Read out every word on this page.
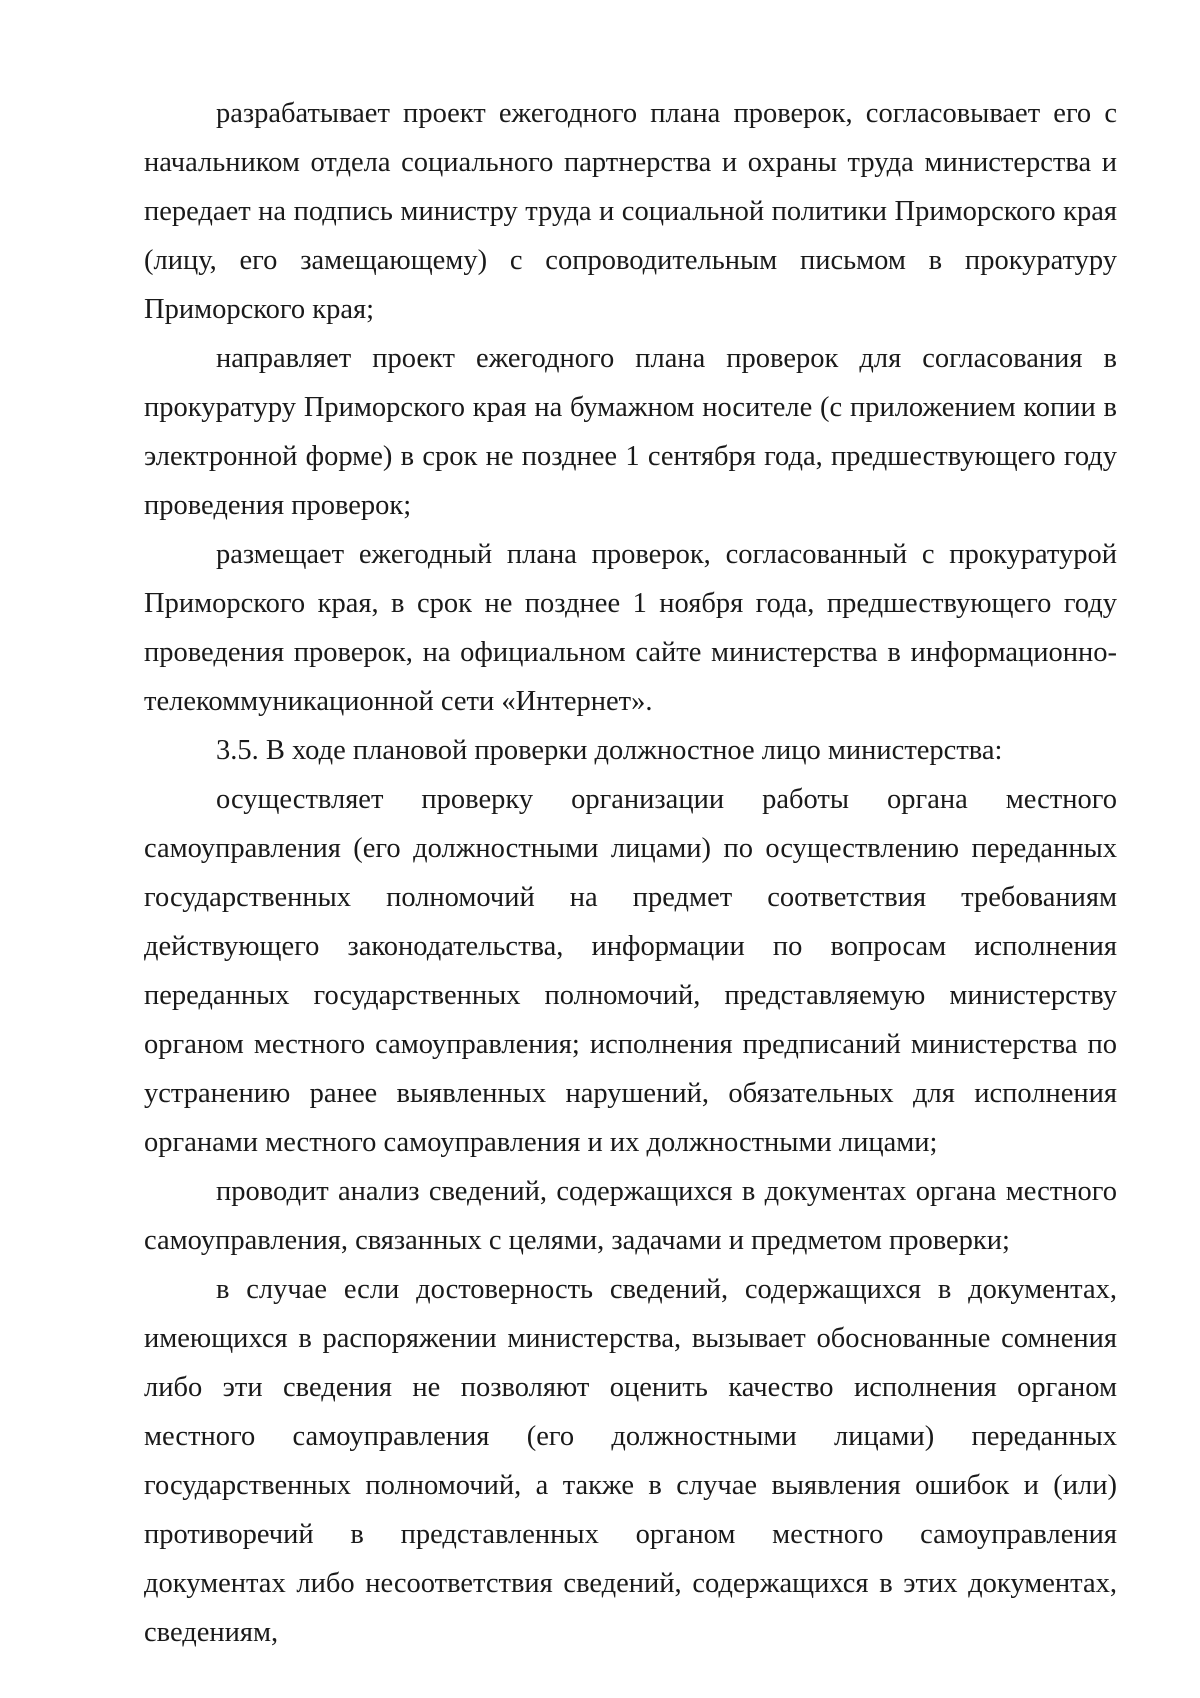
разрабатывает проект ежегодного плана проверок, согласовывает его с начальником отдела социального партнерства и охраны труда министерства и передает на подпись министру труда и социальной политики Приморского края (лицу, его замещающему) с сопроводительным письмом в прокуратуру Приморского края;

направляет проект ежегодного плана проверок для согласования в прокуратуру Приморского края на бумажном носителе (с приложением копии в электронной форме) в срок не позднее 1 сентября года, предшествующего году проведения проверок;

размещает ежегодный плана проверок, согласованный с прокуратурой Приморского края, в срок не позднее 1 ноября года, предшествующего году проведения проверок, на официальном сайте министерства в информационно-телекоммуникационной сети «Интернет».

3.5. В ходе плановой проверки должностное лицо министерства:

осуществляет проверку организации работы органа местного самоуправления (его должностными лицами) по осуществлению переданных государственных полномочий на предмет соответствия требованиям действующего законодательства, информации по вопросам исполнения переданных государственных полномочий, представляемую министерству органом местного самоуправления; исполнения предписаний министерства по устранению ранее выявленных нарушений, обязательных для исполнения органами местного самоуправления и их должностными лицами;

проводит анализ сведений, содержащихся в документах органа местного самоуправления, связанных с целями, задачами и предметом проверки;

в случае если достоверность сведений, содержащихся в документах, имеющихся в распоряжении министерства, вызывает обоснованные сомнения либо эти сведения не позволяют оценить качество исполнения органом местного самоуправления (его должностными лицами) переданных государственных полномочий, а также в случае выявления ошибок и (или) противоречий в представленных органом местного самоуправления документах либо несоответствия сведений, содержащихся в этих документах, сведениям,
